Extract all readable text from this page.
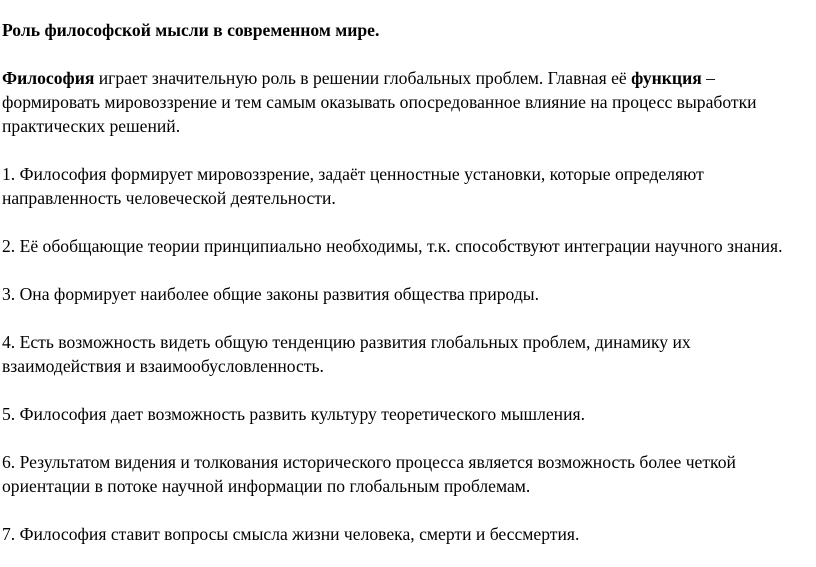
Роль философской мысли в современном мире.

Философия играет значительную роль в решении глобальных проблем. Главная её функция – формировать мировоззрение и тем самым оказывать опосредованное влияние на процесс выработки практических решений.

1. Философия формирует мировоззрение, задаёт ценностные установки, которые определяют направленность человеческой деятельности.

2. Её обобщающие теории принципиально необходимы, т.к. способствуют интеграции научного знания.

3. Она формирует наиболее общие законы развития общества природы.

4. Есть возможность видеть общую тенденцию развития глобальных проблем, динамику их взаимодействия и взаимообусловленность.

5. Философия дает возможность развить культуру теоретического мышления.

6. Результатом видения и толкования исторического процесса является возможность более четкой ориентации в потоке научной информации по глобальным проблемам.

7. Философия ставит вопросы смысла жизни человека, смерти и бессмертия.
